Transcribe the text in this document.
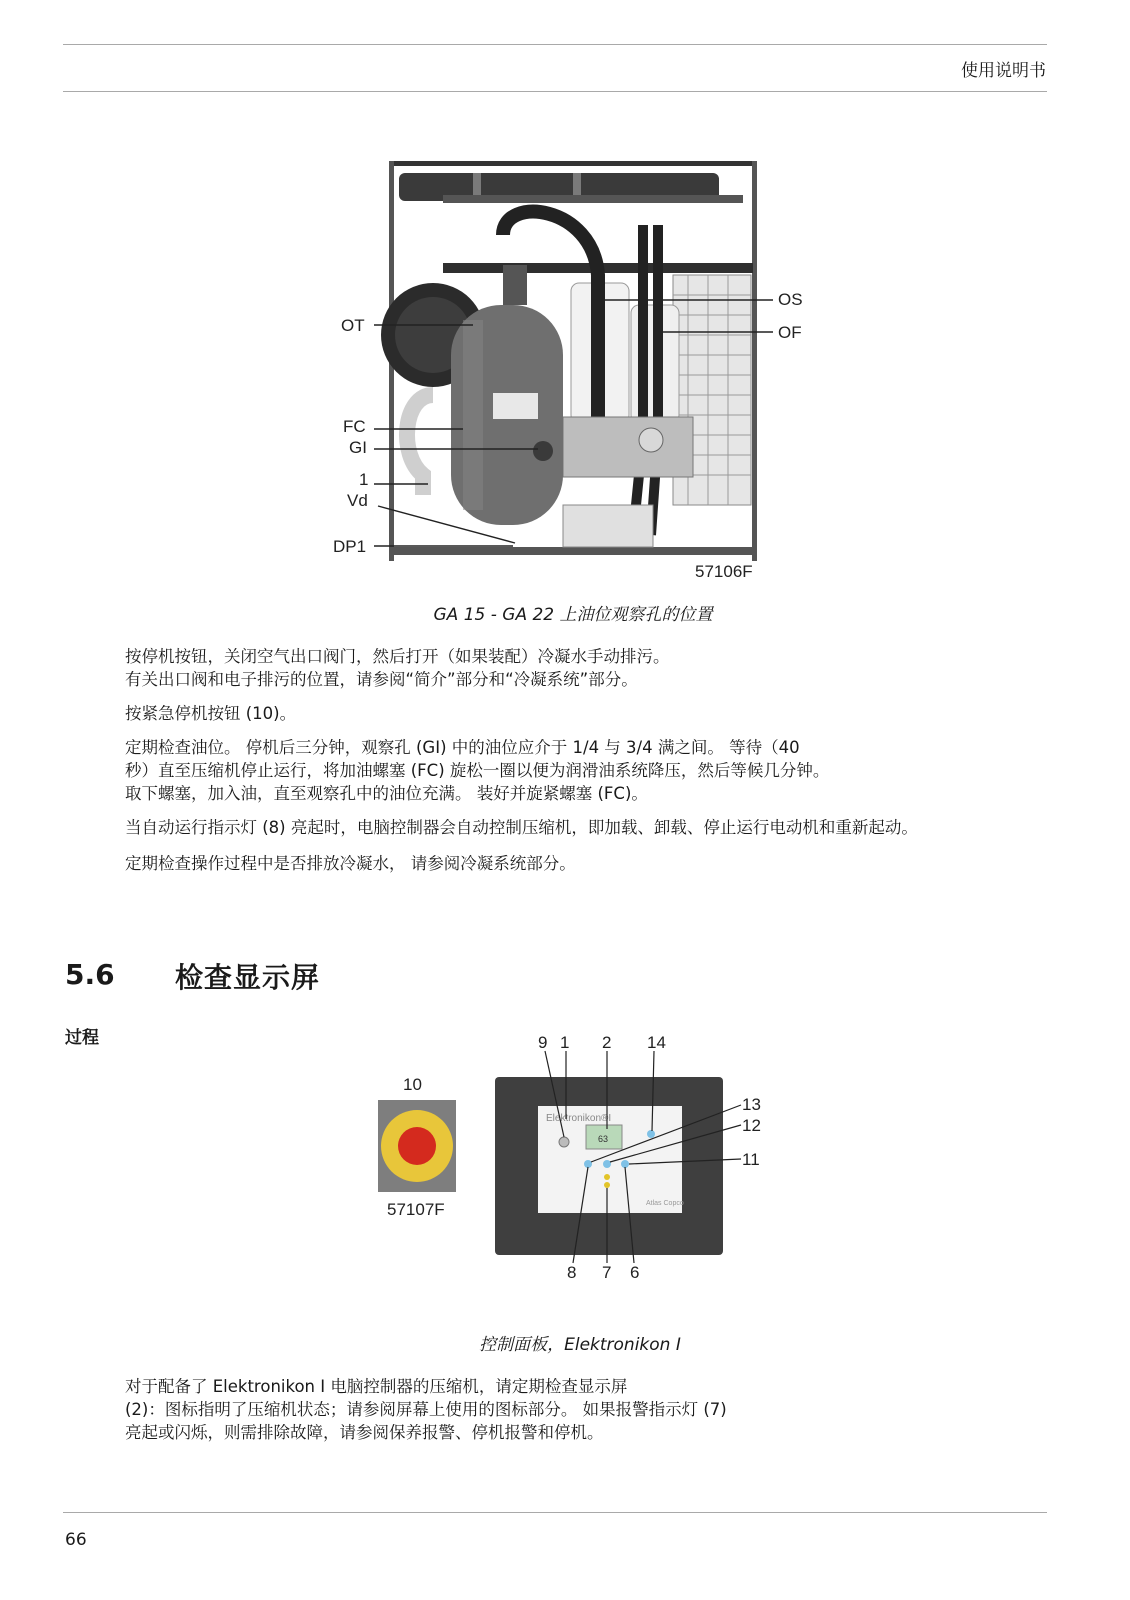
使用说明书
OT
FC
GI
1
Vd
DP1
OS
OF
57106F
GA 15 - GA 22 上油位观察孔的位置
按停机按钮，关闭空气出口阀门，然后打开（如果装配）冷凝水手动排污。
有关出口阀和电子排污的位置，请参阅“简介”部分和“冷凝系统”部分。
按紧急停机按钮 (10)。
定期检查油位。 停机后三分钟，观察孔 (GI) 中的油位应介于 1/4 与 3/4 满之间。 等待（40
秒）直至压缩机停止运行，将加油螺塞 (FC) 旋松一圈以便为润滑油系统降压，然后等候几分钟。
取下螺塞，加入油，直至观察孔中的油位充满。 装好并旋紧螺塞 (FC)。
当自动运行指示灯 (8) 亮起时，电脑控制器会自动控制压缩机，即加载、卸载、停止运行电动机和重新起动。
定期检查操作过程中是否排放冷凝水， 请参阅冷凝系统部分。
5.6 检查显示屏
过程
10
57107F
Elektronikon®I
63
Atlas Copco
9 1 2 14
13
12
11
8 7 6
控制面板，Elektronikon I
对于配备了 Elektronikon I 电脑控制器的压缩机，请定期检查显示屏
(2)：图标指明了压缩机状态；请参阅屏幕上使用的图标部分。 如果报警指示灯 (7)
亮起或闪烁，则需排除故障，请参阅保养报警、停机报警和停机。
66
